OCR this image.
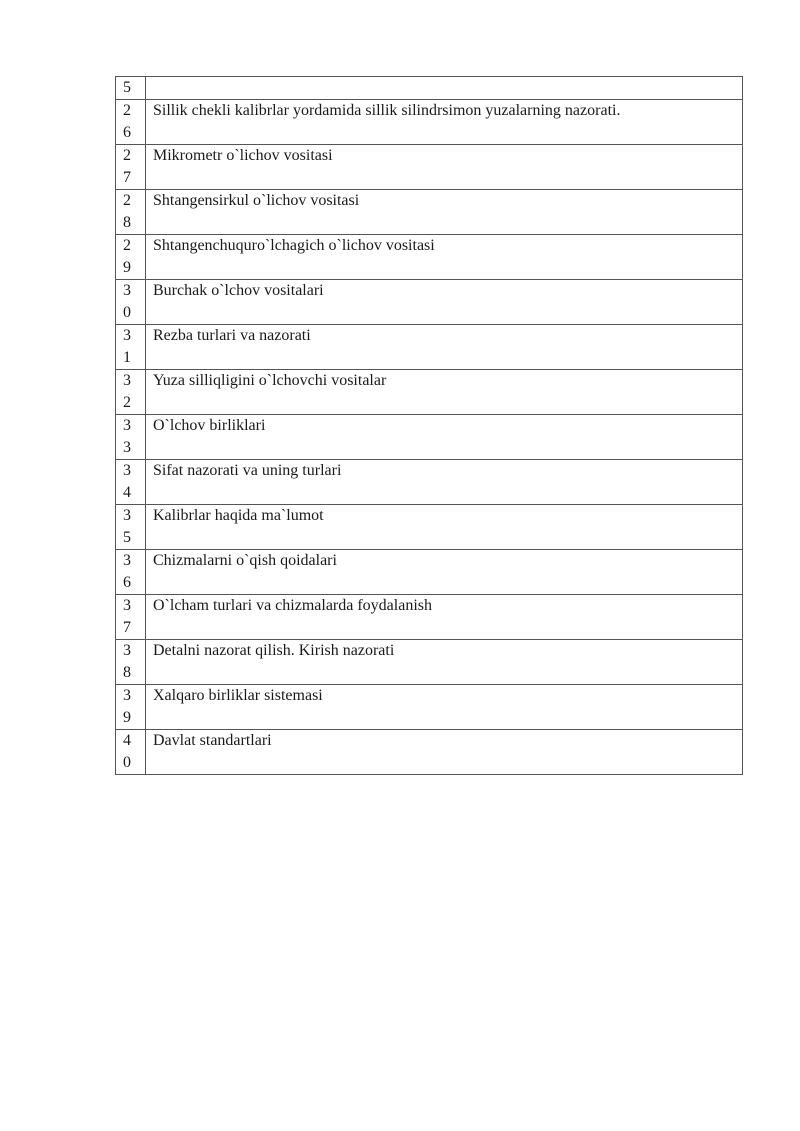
5	

26	Sillik chekli kalibrlar yordamida sillik silindrsimon yuzalarning nazorati.

27	Mikrometr o`lichov vositasi

28	Shtangensirkul o`lichov vositasi

29	Shtangenchuquro`lchagich o`lichov vositasi

30	Burchak o`lchov vositalari

31	Rezba turlari va nazorati

32	Yuza silliqligini o`lchovchi vositalar

33	O`lchov birliklari

34	Sifat nazorati va uning turlari

35	Kalibrlar haqida ma`lumot

36	Chizmalarni o`qish qoidalari

37	O`lcham turlari va chizmalarda foydalanish

38	Detalni nazorat qilish. Kirish nazorati

39	Xalqaro birliklar sistemasi

40	Davlat standartlari
